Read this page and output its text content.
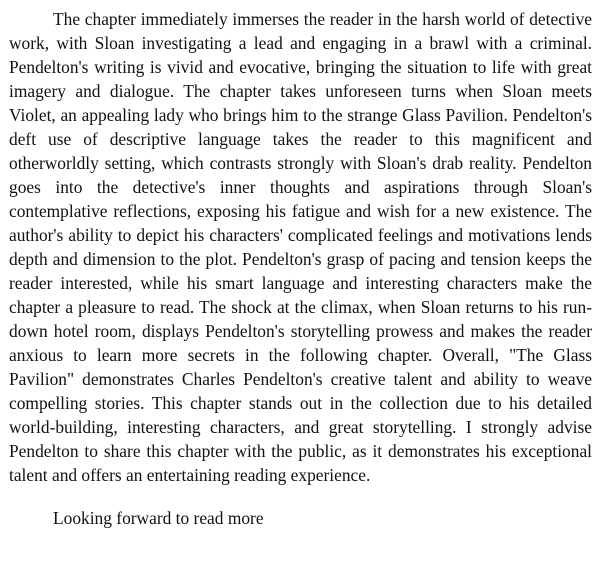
The chapter immediately immerses the reader in the harsh world of detective work, with Sloan investigating a lead and engaging in a brawl with a criminal. Pendelton's writing is vivid and evocative, bringing the situation to life with great imagery and dialogue. The chapter takes unforeseen turns when Sloan meets Violet, an appealing lady who brings him to the strange Glass Pavilion. Pendelton's deft use of descriptive language takes the reader to this magnificent and otherworldly setting, which contrasts strongly with Sloan's drab reality. Pendelton goes into the detective's inner thoughts and aspirations through Sloan's contemplative reflections, exposing his fatigue and wish for a new existence. The author's ability to depict his characters' complicated feelings and motivations lends depth and dimension to the plot. Pendelton's grasp of pacing and tension keeps the reader interested, while his smart language and interesting characters make the chapter a pleasure to read. The shock at the climax, when Sloan returns to his run-down hotel room, displays Pendelton's storytelling prowess and makes the reader anxious to learn more secrets in the following chapter. Overall, "The Glass Pavilion" demonstrates Charles Pendelton's creative talent and ability to weave compelling stories. This chapter stands out in the collection due to his detailed world-building, interesting characters, and great storytelling. I strongly advise Pendelton to share this chapter with the public, as it demonstrates his exceptional talent and offers an entertaining reading experience.

Looking forward to read more
